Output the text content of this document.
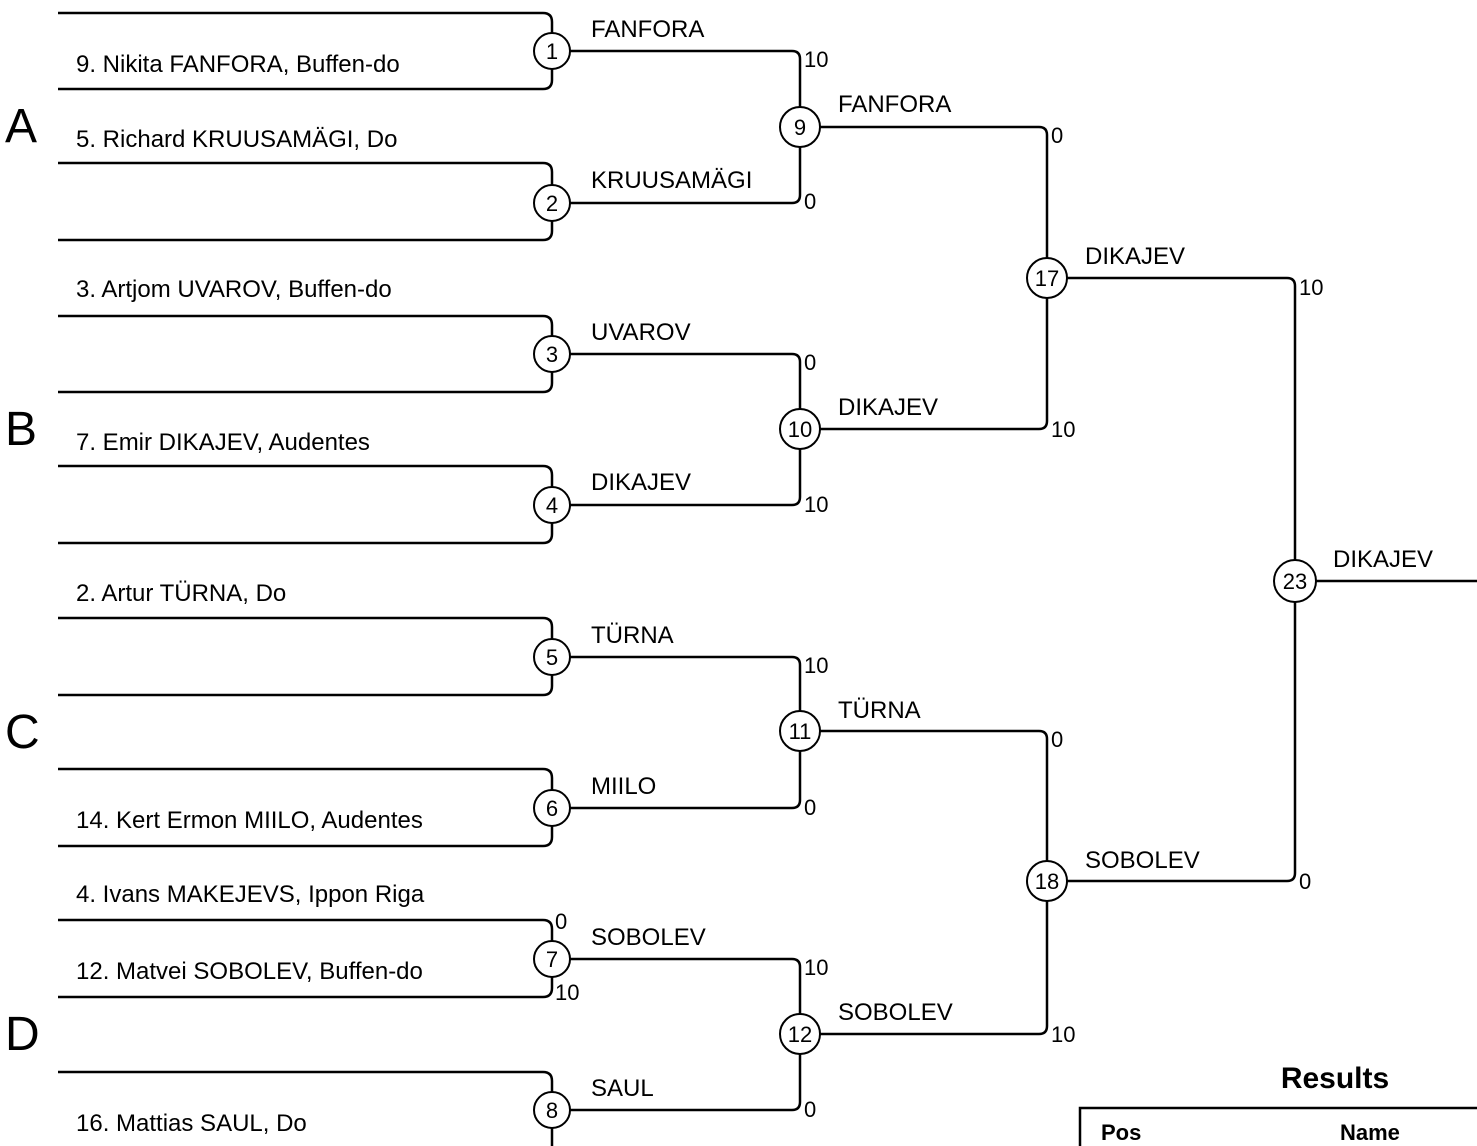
1
2
3
4
5
6
7
8
9
10
11
12
17
18
23
A
B
C
D
9. Nikita FANFORA, Buffen-do
5. Richard KRUUSAMÄGI, Do
3. Artjom UVAROV, Buffen-do
7. Emir DIKAJEV, Audentes
2. Artur TÜRNA, Do
14. Kert Ermon MIILO, Audentes
4. Ivans MAKEJEVS, Ippon Riga
12. Matvei SOBOLEV, Buffen-do
16. Mattias SAUL, Do
FANFORA
KRUUSAMÄGI
UVAROV
DIKAJEV
TÜRNA
MIILO
SOBOLEV
SAUL
FANFORA
DIKAJEV
TÜRNA
SOBOLEV
DIKAJEV
SOBOLEV
DIKAJEV
10
0
0
10
10
0
10
0
0
10
0
10
0
10
10
0
Results
Pos	Name
